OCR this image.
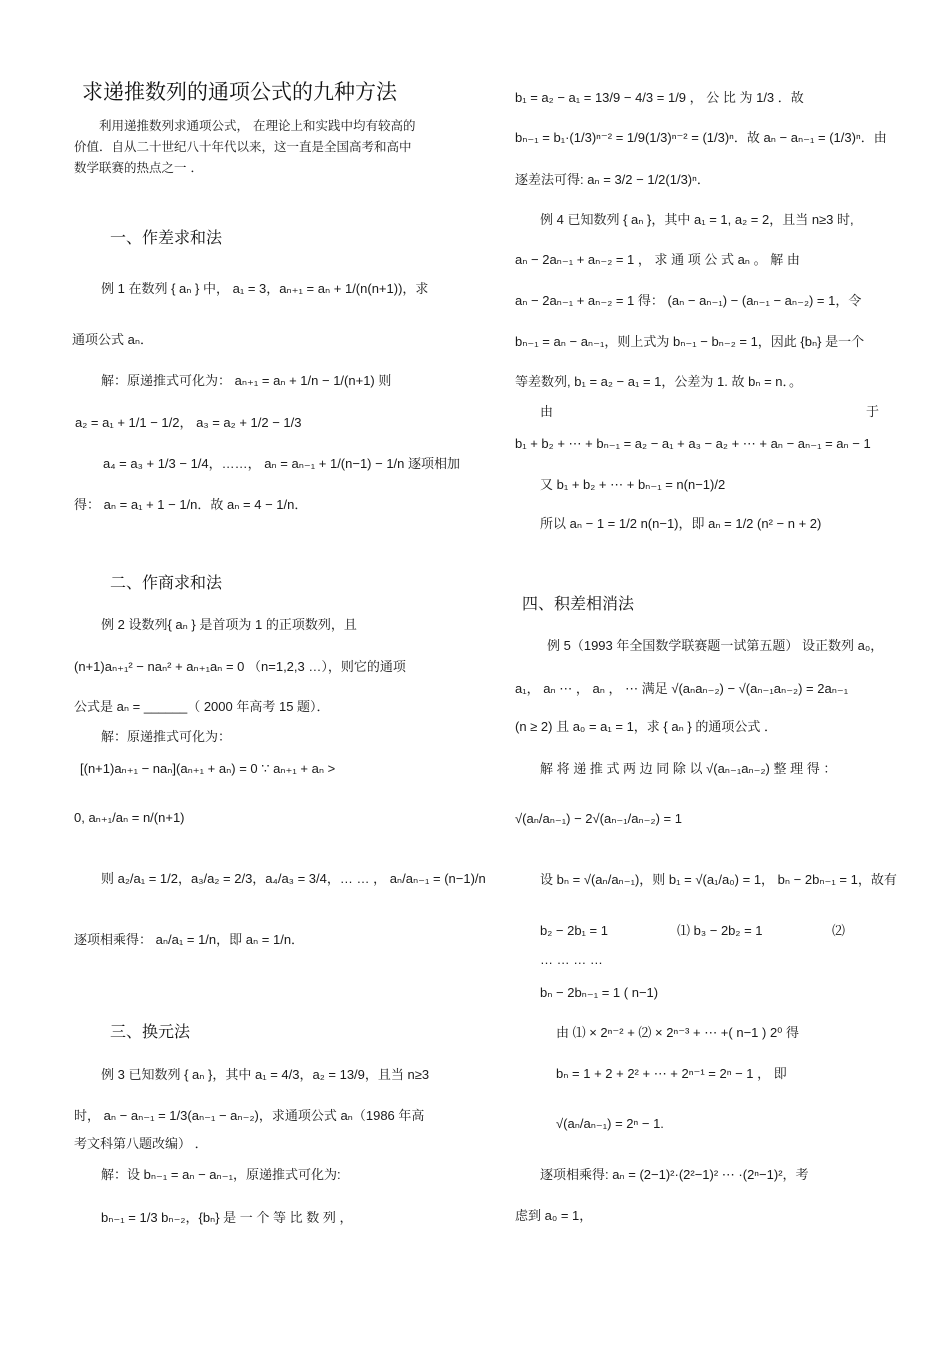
求递推数列的通项公式的九种方法
利用递推数列求通项公式， 在理论上和实践中均有较高的
价值．自从二十世纪八十年代以来，这一直是全国高考和高中
数学联赛的热点之一 ．
一、作差求和法
例 1 在数列 { aₙ } 中， a₁ = 3，aₙ₊₁ = aₙ + 1/(n(n+1))，求
通项公式 aₙ．
解：原递推式可化为： aₙ₊₁ = aₙ + 1/n − 1/(n+1) 则
a₂ = a₁ + 1/1 − 1/2， a₃ = a₂ + 1/2 − 1/3
a₄ = a₃ + 1/3 − 1/4，……， aₙ = aₙ₋₁ + 1/(n−1) − 1/n 逐项相加
得： aₙ = a₁ + 1 − 1/n．故 aₙ = 4 − 1/n．
二、作商求和法
例 2 设数列{ aₙ } 是首项为 1 的正项数列，且
(n+1)aₙ₊₁² − naₙ² + aₙ₊₁aₙ = 0 （n=1,2,3 …），则它的通项
公式是 aₙ = ______（ 2000 年高考 15 题）．
解：原递推式可化为：
[(n+1)aₙ₊₁ − naₙ](aₙ₊₁ + aₙ) = 0 ∵ aₙ₊₁ + aₙ >
0, aₙ₊₁/aₙ = n/(n+1)
则 a₂/a₁ = 1/2，a₃/a₂ = 2/3，a₄/a₃ = 3/4，… … ， aₙ/aₙ₋₁ = (n−1)/n
逐项相乘得： aₙ/a₁ = 1/n，即 aₙ = 1/n．
三、换元法
例 3 已知数列 { aₙ }，其中 a₁ = 4/3，a₂ = 13/9，且当 n≥3
时， aₙ − aₙ₋₁ = 1/3(aₙ₋₁ − aₙ₋₂)，求通项公式 aₙ（1986 年高
考文科第八题改编） ．
解：设 bₙ₋₁ = aₙ − aₙ₋₁，原递推式可化为:
bₙ₋₁ = 1/3 bₙ₋₂，{bₙ} 是 一 个 等 比 数 列 ，
b₁ = a₂ − a₁ = 13/9 − 4/3 = 1/9 ， 公 比 为 1/3 ．故
bₙ₋₁ = b₁·(1/3)ⁿ⁻² = 1/9(1/3)ⁿ⁻² = (1/3)ⁿ．故 aₙ − aₙ₋₁ = (1/3)ⁿ．由
逐差法可得: aₙ = 3/2 − 1/2(1/3)ⁿ．
例 4 已知数列 { aₙ }，其中 a₁ = 1, a₂ = 2，且当 n≥3 时,
aₙ − 2aₙ₋₁ + aₙ₋₂ = 1 ， 求 通 项 公 式 aₙ 。 解 由
aₙ − 2aₙ₋₁ + aₙ₋₂ = 1 得： (aₙ − aₙ₋₁) − (aₙ₋₁ − aₙ₋₂) = 1，令
bₙ₋₁ = aₙ − aₙ₋₁，则上式为 bₙ₋₁ − bₙ₋₂ = 1，因此 {bₙ} 是一个
等差数列, b₁ = a₂ − a₁ = 1，公差为 1. 故 bₙ = n．。
由	于
b₁ + b₂ + ⋯ + bₙ₋₁ = a₂ − a₁ + a₃ − a₂ + ⋯ + aₙ − aₙ₋₁ = aₙ − 1
又 b₁ + b₂ + ⋯ + bₙ₋₁ = n(n−1)/2
所以 aₙ − 1 = 1/2 n(n−1)，即 aₙ = 1/2 (n² − n + 2)
四、积差相消法
例 5（1993 年全国数学联赛题一试第五题） 设正数列 a₀，
a₁， aₙ ⋯ ， aₙ ， ⋯ 满足 √(aₙaₙ₋₂) − √(aₙ₋₁aₙ₋₂) = 2aₙ₋₁
(n ≥ 2) 且 a₀ = a₁ = 1，求 { aₙ } 的通项公式 ．
解 将 递 推 式 两 边 同 除 以 √(aₙ₋₁aₙ₋₂) 整 理 得 ：
√(aₙ/aₙ₋₁) − 2√(aₙ₋₁/aₙ₋₂) = 1
设 bₙ = √(aₙ/aₙ₋₁)，则 b₁ = √(a₁/a₀) = 1， bₙ − 2bₙ₋₁ = 1，故有
b₂ − 2b₁ = 1	⑴ b₃ − 2b₂ = 1	⑵
… … … …
bₙ − 2bₙ₋₁ = 1 ( n−1)
由 ⑴ × 2ⁿ⁻² + ⑵ × 2ⁿ⁻³ + ⋯ +( n−1 ) 2⁰ 得
bₙ = 1 + 2 + 2² + ⋯ + 2ⁿ⁻¹ = 2ⁿ − 1 ， 即
√(aₙ/aₙ₋₁) = 2ⁿ − 1.
逐项相乘得: aₙ = (2−1)²·(2²−1)² ⋯ ·(2ⁿ−1)²，考
虑到 a₀ = 1，
